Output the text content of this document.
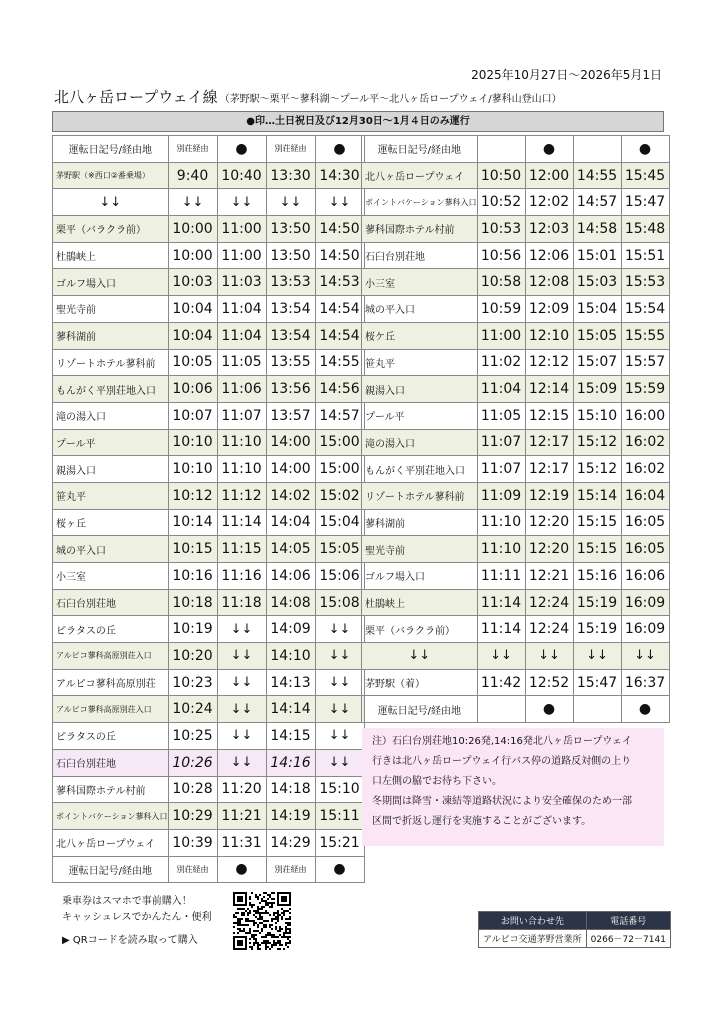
2025年10月27日～2026年5月1日
北八ヶ岳ロープウェイ線 （茅野駅～栗平～蓼科湖～プール平～北八ヶ岳ロープウェイ/蓼科山登山口）
●印…土日祝日及び12月30日～1月４日のみ運行
運転日記号/経由地	別荘経由	●	別荘経由	●
茅野駅（※西口②番乗場）	9:40	10:40	13:30	14:30
↓↓	↓↓	↓↓	↓↓	↓↓
栗平（バラクラ前）	10:00	11:00	13:50	14:50
杜鵑峡上	10:00	11:00	13:50	14:50
ゴルフ場入口	10:03	11:03	13:53	14:53
聖光寺前	10:04	11:04	13:54	14:54
蓼科湖前	10:04	11:04	13:54	14:54
リゾートホテル蓼科前	10:05	11:05	13:55	14:55
もんがく平別荘地入口	10:06	11:06	13:56	14:56
滝の湯入口	10:07	11:07	13:57	14:57
プール平	10:10	11:10	14:00	15:00
親湯入口	10:10	11:10	14:00	15:00
笹丸平	10:12	11:12	14:02	15:02
桜ヶ丘	10:14	11:14	14:04	15:04
城の平入口	10:15	11:15	14:05	15:05
小三室	10:16	11:16	14:06	15:06
石臼台別荘地	10:18	11:18	14:08	15:08
ピラタスの丘	10:19	↓↓	14:09	↓↓
アルピコ蓼科高原別荘入口	10:20	↓↓	14:10	↓↓
アルピコ蓼科高原別荘	10:23	↓↓	14:13	↓↓
アルピコ蓼科高原別荘入口	10:24	↓↓	14:14	↓↓
ピラタスの丘	10:25	↓↓	14:15	↓↓
石臼台別荘地	10:26	↓↓	14:16	↓↓
蓼科国際ホテル村前	10:28	11:20	14:18	15:10
ポイントバケーション蓼科入口	10:29	11:21	14:19	15:11
北八ヶ岳ロープウェイ	10:39	11:31	14:29	15:21
運転日記号/経由地	別荘経由	●	別荘経由	●
運転日記号/経由地		●		●
北八ヶ岳ロープウェイ	10:50	12:00	14:55	15:45
ポイントバケーション蓼科入口	10:52	12:02	14:57	15:47
蓼科国際ホテル村前	10:53	12:03	14:58	15:48
石臼台別荘地	10:56	12:06	15:01	15:51
小三室	10:58	12:08	15:03	15:53
城の平入口	10:59	12:09	15:04	15:54
桜ケ丘	11:00	12:10	15:05	15:55
笹丸平	11:02	12:12	15:07	15:57
親湯入口	11:04	12:14	15:09	15:59
プール平	11:05	12:15	15:10	16:00
滝の湯入口	11:07	12:17	15:12	16:02
もんがく平別荘地入口	11:07	12:17	15:12	16:02
リゾートホテル蓼科前	11:09	12:19	15:14	16:04
蓼科湖前	11:10	12:20	15:15	16:05
聖光寺前	11:10	12:20	15:15	16:05
ゴルフ場入口	11:11	12:21	15:16	16:06
杜鵑峡上	11:14	12:24	15:19	16:09
栗平（バラクラ前）	11:14	12:24	15:19	16:09
↓↓	↓↓	↓↓	↓↓	↓↓
茅野駅（着）	11:42	12:52	15:47	16:37
運転日記号/経由地		●		●
注）石臼台別荘地10:26発,14:16発北八ヶ岳ロープウェイ
行きは北八ヶ岳ロープウェイ行バス停の道路反対側の上り
口左側の脇でお待ち下さい。
冬期間は降雪・凍結等道路状況により安全確保のため一部
区間で折返し運行を実施することがございます。
乗車券はスマホで事前購入！
キャッシュレスでかんたん・便利
▶ QRコードを読み取って購入
お問い合わせ先	電話番号
アルピコ交通茅野営業所	0266－72－7141
